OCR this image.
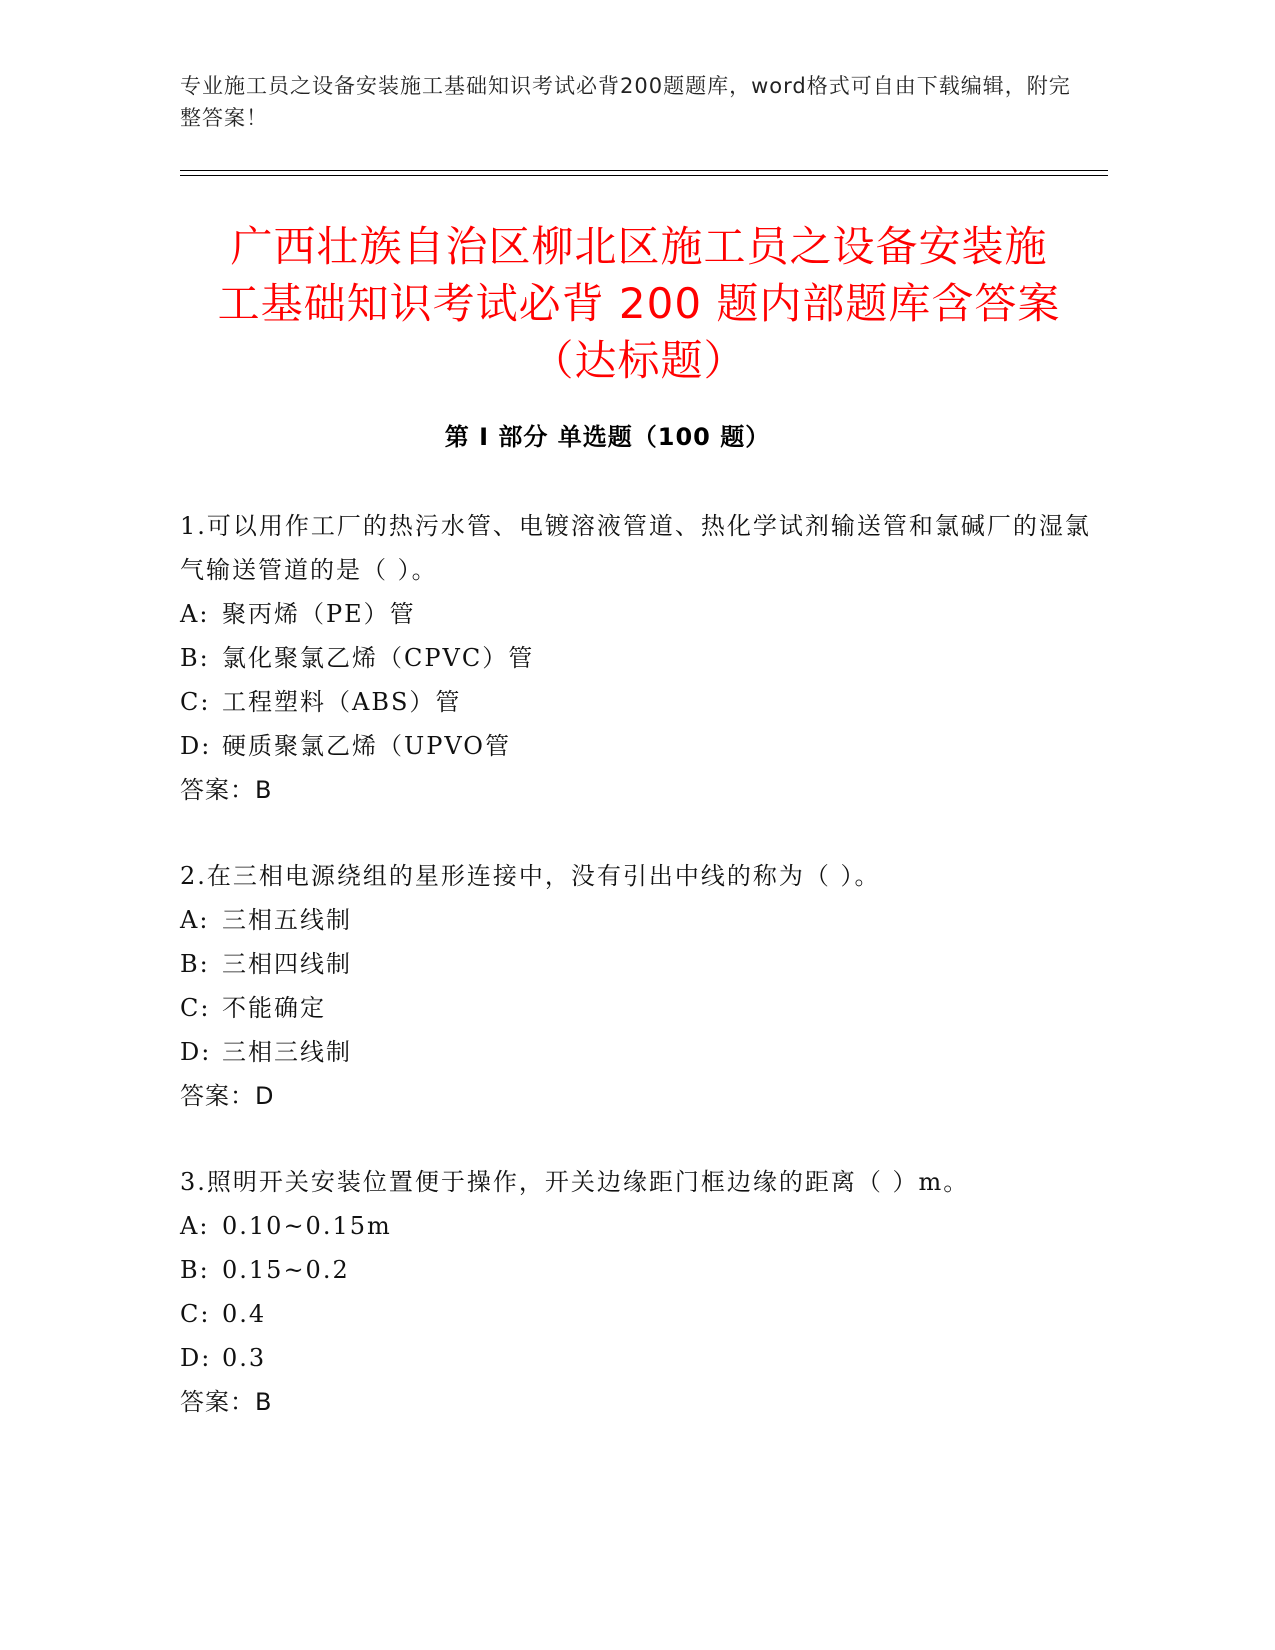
专业施工员之设备安装施工基础知识考试必背200题题库，word格式可自由下载编辑，附完整答案！
广西壮族自治区柳北区施工员之设备安装施
工基础知识考试必背 200 题内部题库含答案
（达标题）
第 I 部分 单选题（100 题）
1.可以用作工厂的热污水管、电镀溶液管道、热化学试剂输送管和氯碱厂的湿氯气输送管道的是（ ）。
A: 聚丙烯（PE）管
B: 氯化聚氯乙烯（CPVC）管
C: 工程塑料（ABS）管
D: 硬质聚氯乙烯（UPVO管
答案：B
2.在三相电源绕组的星形连接中，没有引出中线的称为（ ）。
A: 三相五线制
B: 三相四线制
C: 不能确定
D: 三相三线制
答案：D
3.照明开关安装位置便于操作，开关边缘距门框边缘的距离（ ）m。
A: 0.10~0.15m
B: 0.15~0.2
C: 0.4
D: 0.3
答案：B
